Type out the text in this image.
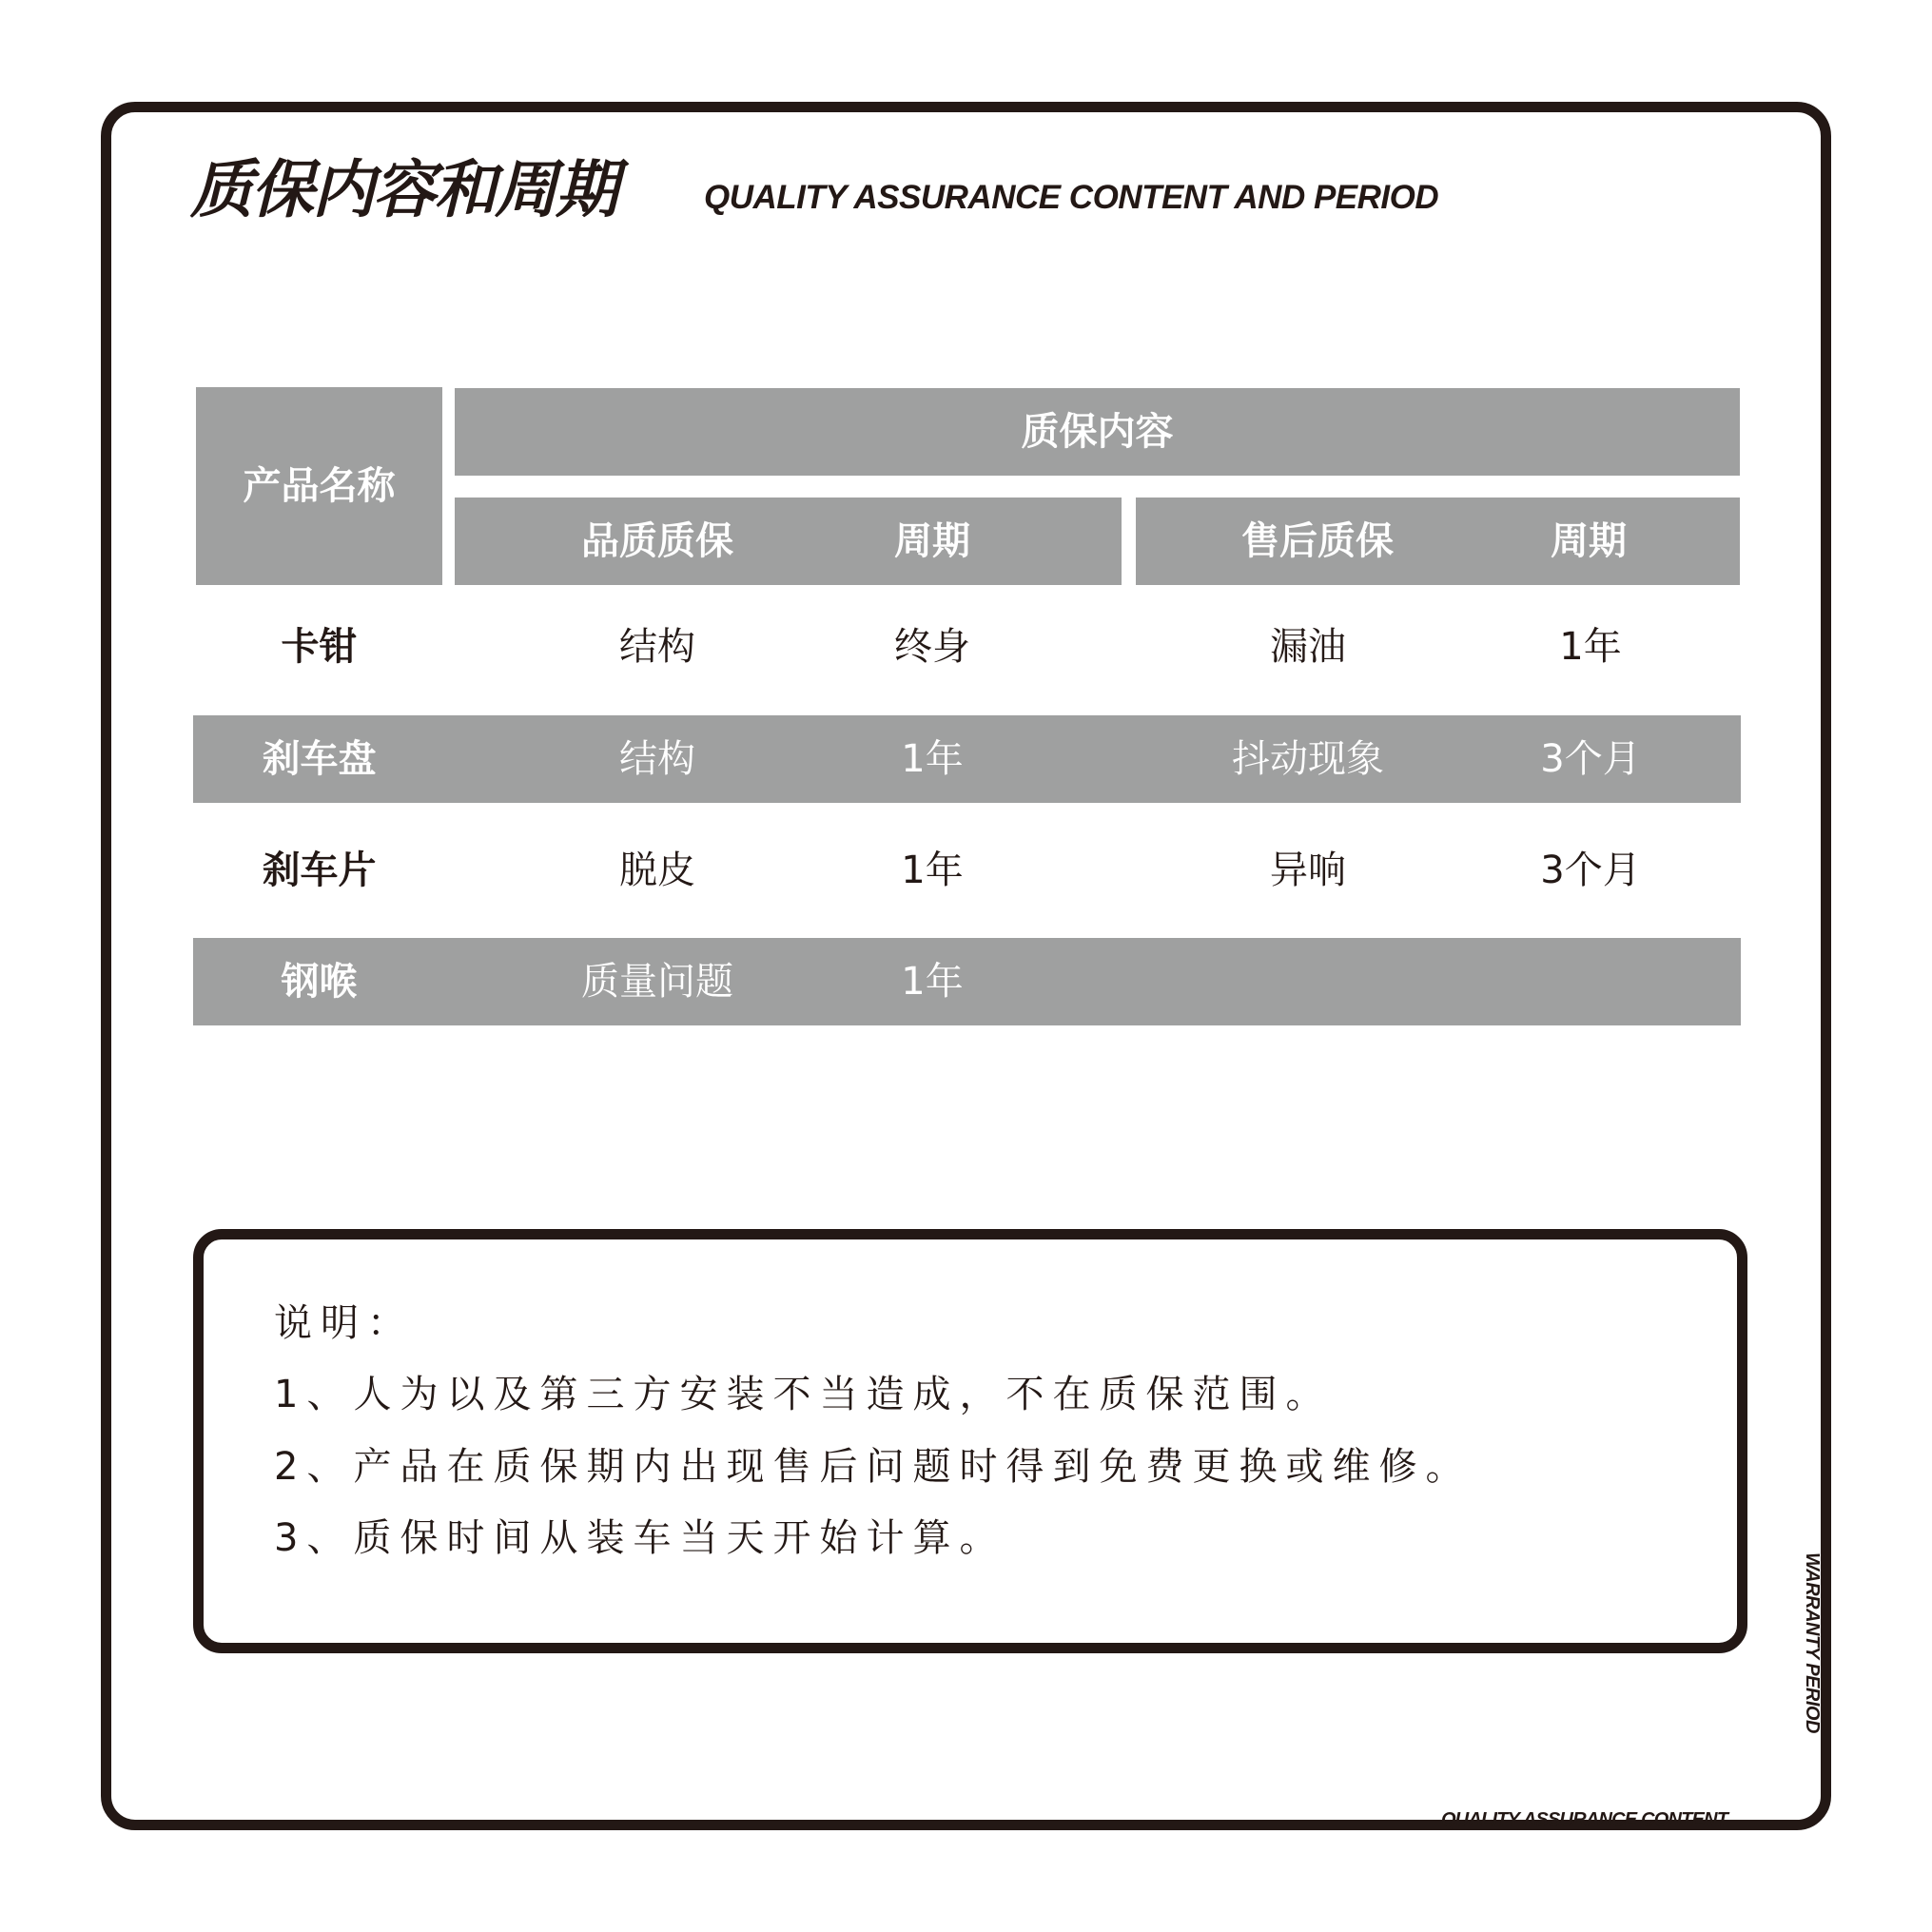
质保内容和周期	QUALITY ASSURANCE CONTENT AND PERIOD
产品名称
质保内容
品质质保	周期	售后质保	周期
卡钳	结构	终身	漏油	1年
刹车盘	结构	1年	抖动现象	3个月
刹车片	脱皮	1年	异响	3个月
钢喉	质量问题	1年
说明：
1、人为以及第三方安装不当造成，不在质保范围。
2、产品在质保期内出现售后问题时得到免费更换或维修。
3、质保时间从装车当天开始计算。
WARRANTY PERIOD
QUALITY ASSURANCE CONTENT
